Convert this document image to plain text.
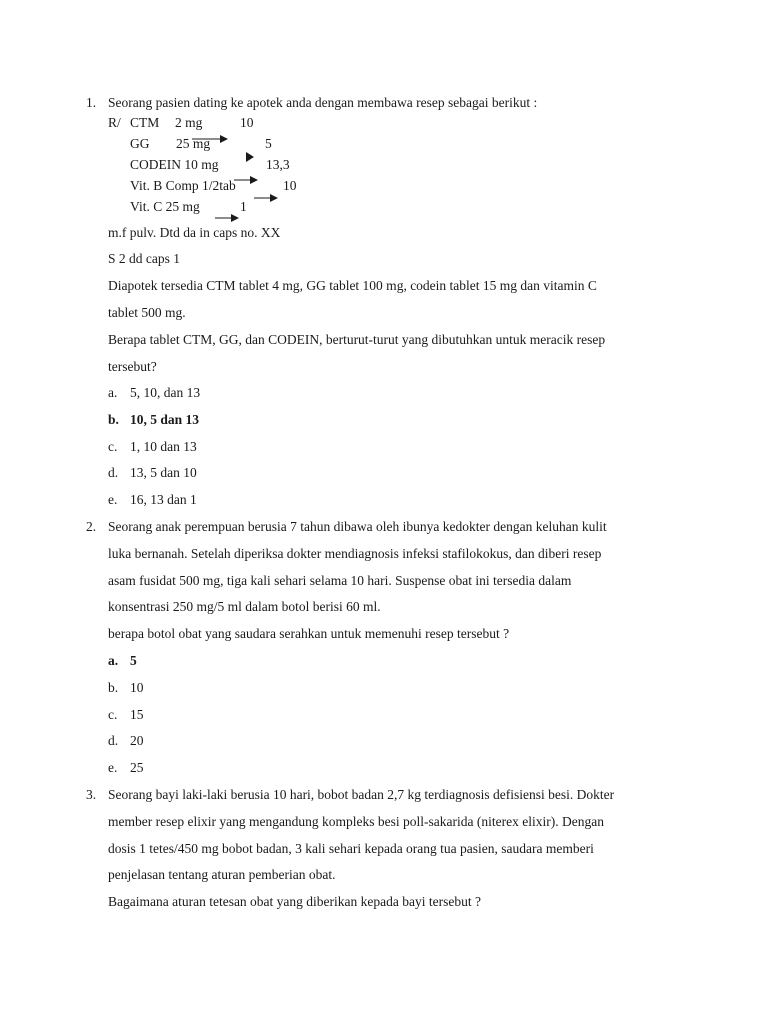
1. Seorang pasien dating ke apotek anda dengan membawa resep sebagai berikut :
R/ CTM 2 mg	10
GG 25 mg	5
CODEIN 10 mg	13,3
Vit. B Comp 1/2tab	10
Vit. C 25 mg	1
m.f pulv. Dtd da in caps no. XX
S 2 dd caps 1
Diapotek tersedia CTM tablet 4 mg, GG tablet 100 mg, codein tablet 15 mg dan vitamin C
tablet 500 mg.
Berapa tablet CTM, GG, dan CODEIN, berturut-turut yang dibutuhkan untuk meracik resep
tersebut?
a. 5, 10, dan 13
b. 10, 5 dan 13
c. 1, 10 dan 13
d. 13, 5 dan 10
e. 16, 13 dan 1
2. Seorang anak perempuan berusia 7 tahun dibawa oleh ibunya kedokter dengan keluhan kulit
luka bernanah. Setelah diperiksa dokter mendiagnosis infeksi stafilokokus, dan diberi resep
asam fusidat 500 mg, tiga kali sehari selama 10 hari. Suspense obat ini tersedia dalam
konsentrasi 250 mg/5 ml dalam botol berisi 60 ml.
berapa botol obat yang saudara serahkan untuk memenuhi resep tersebut ?
a. 5
b. 10
c. 15
d. 20
e. 25
3. Seorang bayi laki-laki berusia 10 hari, bobot badan 2,7 kg terdiagnosis defisiensi besi. Dokter
member resep elixir yang mengandung kompleks besi poll-sakarida (niterex elixir). Dengan
dosis 1 tetes/450 mg bobot badan, 3 kali sehari kepada orang tua pasien, saudara memberi
penjelasan tentang aturan pemberian obat.
Bagaimana aturan tetesan obat yang diberikan kepada bayi tersebut ?
